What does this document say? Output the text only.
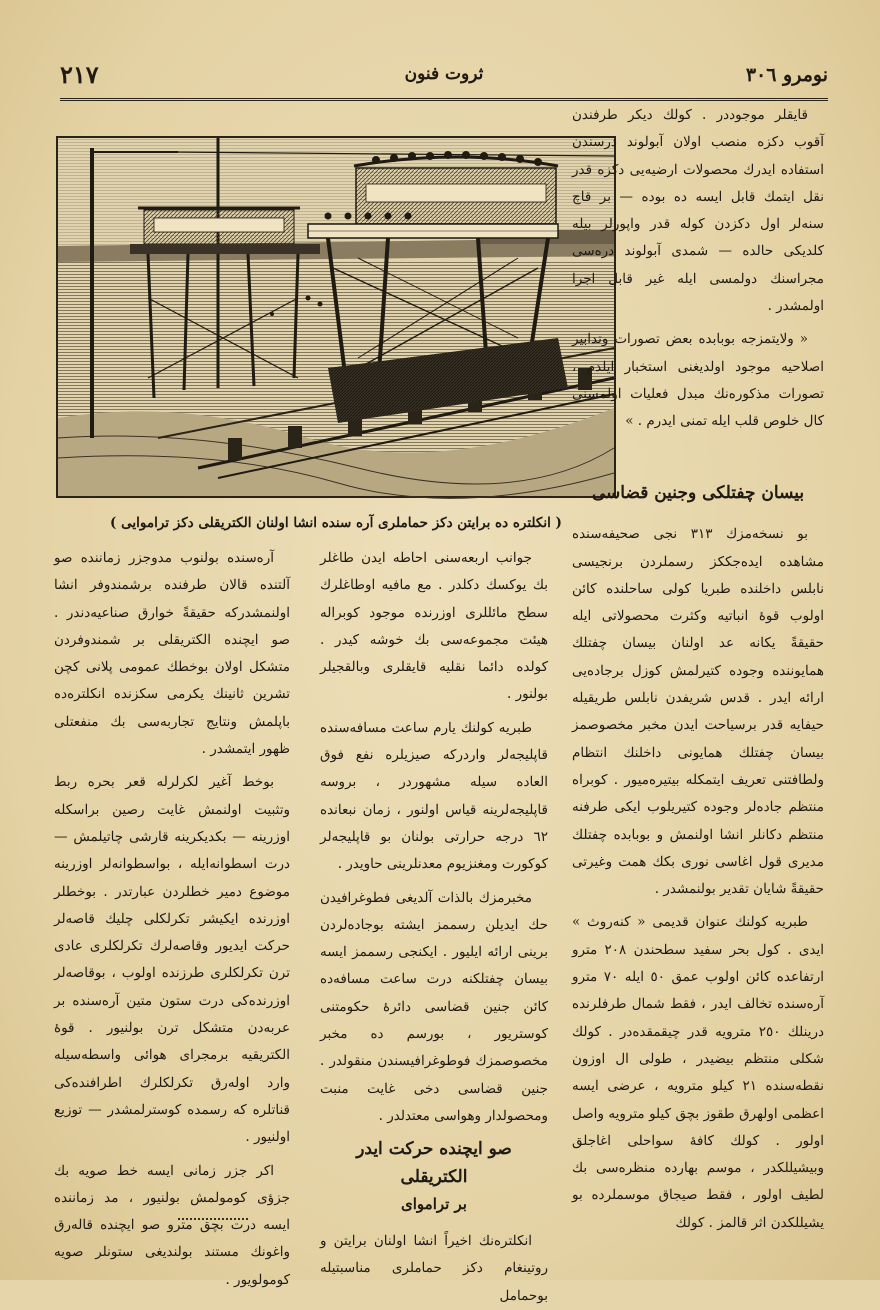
نومرو ٣٠٦
ثروت فنون
٢١٧
( انكلتره ده برايتن دكز حماملری آره سنده انشا اولنان الكتريقلی دكز تراموايی )

قايقلر موجوددر . كولك ديكر طرفندن آقوب دكزه منصب اولان آبولوند درسندن استفاده ايدرك محصولات ارضيه‌يی دكزه قدر نقل ايتمك قابل ايسه ده بوده — بر قاچ سنه‌لر اول دكزدن كوله قدر واپورلر بيله كلديكی حالده — شمدی آبولوند دره‌سی مجراسنك دولمسی ايله غير قابل اجرا اولمشدر .

« ولايتمزجه بوبابده بعض تصورات وتدابير اصلاحيه موجود اولديغنی استخبار ايلدم ، تصورات مذكوره‌نك مبدل فعليات اولمسنی كال خلوص قلب ايله تمنی ايدرم . »

بيسان چفتلكی وجنين قضاسی

بو نسخه‌مزك ٣١٣ نجی صحيفه‌سنده مشاهده ايده‌جككز رسملردن برنجيسی نابلس داخلنده طبريا كولی ساحلنده كائن اولوب قوهٔ انباتيه وكثرت محصولاتی ايله حقيقةً يكانه عد اولنان بيسان چفتلك همايوننده وجوده كتيرلمش كوزل برجاده‌يی ارائه ايدر . قدس شريفدن نابلس طريقيله حيفايه قدر برسياحت ايدن مخبر مخصوصمز بيسان چفتلك همايونی داخلنك انتظام ولطافتنی تعريف ايتمكله بيتيره‌ميور . كوبراه منتظم جاده‌لر وجوده كتيريلوب ايكی طرفنه منتظم دكانلر انشا اولنمش و بوبابده چفتلك مديری قول اغاسی نوری بكك همت وغيرتی حقيقةً شايان تقدير بولنمشدر .

طبريه كولنك عنوان قديمی « كنه‌روث » ايدی . كول بحر سفيد سطحندن ٢٠٨ مترو ارتفاعده كائن اولوب عمق ٥٠ ايله ٧٠ مترو آره‌سنده تخالف ايدر ، فقط شمال طرفلرنده درينلك ٢٥٠ مترويه قدر چيقمقده‌در . كولك شكلی منتظم بيضيدر ، طولی ال اوزون نقطه‌سنده ٢١ كيلو مترويه ، عرضی ايسه اعظمی اولهرق طقوز بچق كيلو مترويه واصل اولور . كولك كافهٔ سواحلی اغاجلق وبيشيللكدر ، موسم بهارده منظره‌سی بك لطيف اولور ، فقط صيجاق موسملرده بو يشيللكدن اثر قالمز . كولك

جوانب اربعه‌سنی احاطه ايدن طاغلر بك يوكسك دكلدر . مع مافيه اوطاغلرك سطح مائللری اوزرنده موجود كوبراله هيئت مجموعه‌سی بك خوشه كيدر . كولده دائما نقليه قايقلری وبالقجيلر بولنور .

طبريه كولنك يارم ساعت مسافه‌سنده قاپليجه‌لر واردركه صيزيلره نفع فوق العاده سيله مشهوردر ، بروسه قاپليجه‌لرينه قياس اولنور ، زمان نبعانده ٦٢ درجه حرارتی بولنان بو قاپليجه‌لر كوكورت ومغنزيوم معدنلرينی حاويدر .

مخبرمزك بالذات آلديغی فطوغرافيدن حك ايديلن رسممز ايشته بوجاده‌لردن برينی ارائه ايليور . ايكنجی رسممز ايسه بيسان چفتلكنه درت ساعت مسافه‌ده كائن جنين قضاسی دائرهٔ حكومتنی كوستريور ، بورسم ده مخبر مخصوصمزك فوطوغرافيسندن منقولدر . جنين قضاسی دخی غايت منبت ومحصولدار وهواسی معتدلدر .

صو ايچنده حركت ايدر الكتريقلی
بر تراموای

انكلتره‌نك اخيراً انشا اولنان برايتن و روتينغام دكز حماملری مناسبتيله بوحمامل

آره‌سنده بولنوب مدوجزر زماننده صو آلتنده قالان طرفنده برشمندوفر انشا اولنمشدركه حقيقةً خوارق صناعيه‌دندر . صو ايچنده الكتريقلی بر شمندوفردن متشكل اولان بوخطك عمومی پلانی كچن تشرين ثانينك يكرمی سكزنده انكلتره‌ده باپلمش ونتايج تجاربه‌سی بك منفعتلی ظهور ايتمشدر .

بوخط آغير لكرلرله قعر بحره ربط وتثبيت اولنمش غايت رصين براسكله اوزرينه — بكديكرينه قارشی چاتيلمش — درت اسطوانه‌ايله ، بواسطوانه‌لر اوزرينه موضوع دمير خطلردن عبارتدر . بوخطلر اوزرنده ايكيشر تكرلكلی چليك قاصه‌لر حركت ايديور وقاصه‌لرك تكرلكلری عادی ترن تكرلكلری طرزنده اولوب ، بوقاصه‌لر اوزرنده‌كی درت ستون متين آره‌سنده بر عربه‌دن متشكل ترن بولنيور . قوهٔ الكتريقيه برمجرای هوائی واسطه‌سيله وارد اوله‌رق تكرلكلرك اطرافنده‌كی قناتلره كه رسمده كوسترلمشدر — توزيع اولنيور .

اكر جزر زمانی ايسه خط صويه بك جزؤی كومولمش بولنيور ، مد زماننده ايسه درت بچق مترو صو ايچنده قاله‌رق واغونك مستند بولنديغی ستونلر صويه كومولويور .
